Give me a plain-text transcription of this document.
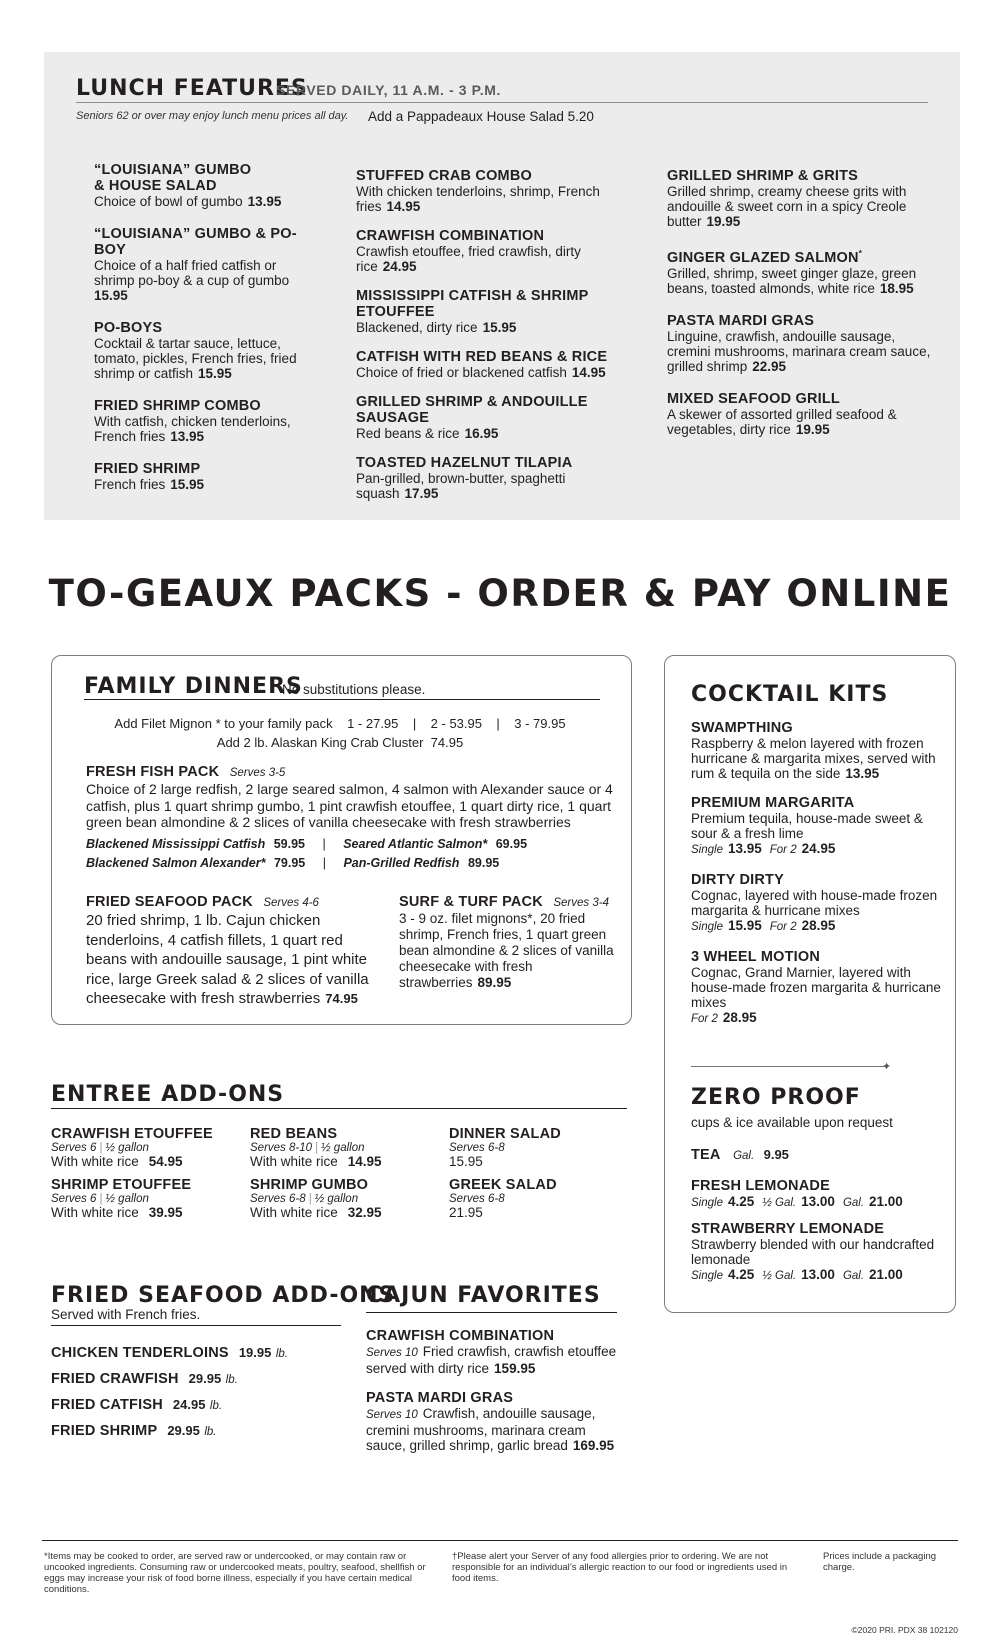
LUNCH FEATURES
SERVED DAILY, 11 A.M. - 3 P.M.
Seniors 62 or over may enjoy lunch menu prices all day. Add a Pappadeaux House Salad 5.20
“LOUISIANA” GUMBO
& HOUSE SALAD
Choice of bowl of gumbo 13.95
“LOUISIANA” GUMBO & PO-BOY
Choice of a half fried catfish or shrimp po-boy & a cup of gumbo
15.95
PO-BOYS
Cocktail & tartar sauce, lettuce, tomato, pickles, French fries, fried shrimp or catfish 15.95
FRIED SHRIMP COMBO
With catfish, chicken tenderloins, French fries 13.95
FRIED SHRIMP
French fries 15.95
STUFFED CRAB COMBO
With chicken tenderloins, shrimp, French fries 14.95
CRAWFISH COMBINATION
Crawfish etouffee, fried crawfish, dirty rice 24.95
MISSISSIPPI CATFISH & SHRIMP ETOUFFEE
Blackened, dirty rice 15.95
CATFISH WITH RED BEANS & RICE
Choice of fried or blackened catfish 14.95
GRILLED SHRIMP & ANDOUILLE SAUSAGE
Red beans & rice 16.95
TOASTED HAZELNUT TILAPIA
Pan-grilled, brown-butter, spaghetti squash 17.95
GRILLED SHRIMP & GRITS
Grilled shrimp, creamy cheese grits with andouille & sweet corn in a spicy Creole butter 19.95
GINGER GLAZED SALMON*
Grilled, shrimp, sweet ginger glaze, green beans, toasted almonds, white rice 18.95
PASTA MARDI GRAS
Linguine, crawfish, andouille sausage, cremini mushrooms, marinara cream sauce, grilled shrimp 22.95
MIXED SEAFOOD GRILL
A skewer of assorted grilled seafood & vegetables, dirty rice 19.95
TO-GEAUX PACKS - ORDER & PAY ONLINE
FAMILY DINNERS
No substitutions please.
Add Filet Mignon * to your family pack    1 - 27.95    |    2 - 53.95    |    3 - 79.95
Add 2 lb. Alaskan King Crab Cluster  74.95
FRESH FISH PACK Serves 3-5
Choice of 2 large redfish, 2 large seared salmon, 4 salmon with Alexander sauce or 4 catfish, plus 1 quart shrimp gumbo, 1 pint crawfish etouffee, 1 quart dirty rice, 1 quart green bean almondine & 2 slices of vanilla cheesecake with fresh strawberries
Blackened Mississippi Catfish 59.95 | Seared Atlantic Salmon* 69.95
Blackened Salmon Alexander* 79.95 | Pan-Grilled Redfish 89.95
FRIED SEAFOOD PACK Serves 4-6
20 fried shrimp, 1 lb. Cajun chicken tenderloins, 4 catfish fillets, 1 quart red beans with andouille sausage, 1 pint white rice, large Greek salad & 2 slices of vanilla cheesecake with fresh strawberries 74.95
SURF & TURF PACK Serves 3-4
3 - 9 oz. filet mignons*, 20 fried shrimp, French fries, 1 quart green bean almondine & 2 slices of vanilla cheesecake with fresh strawberries 89.95
COCKTAIL KITS
SWAMPTHING
Raspberry & melon layered with frozen hurricane & margarita mixes, served with rum & tequila on the side 13.95
PREMIUM MARGARITA
Premium tequila, house-made sweet & sour & a fresh lime
Single 13.95 For 2 24.95
DIRTY DIRTY
Cognac, layered with house-made frozen margarita & hurricane mixes
Single 15.95 For 2 28.95
3 WHEEL MOTION
Cognac, Grand Marnier, layered with house-made frozen margarita & hurricane mixes
For 2 28.95
✦
ZERO PROOF
cups & ice available upon request
TEA Gal. 9.95
FRESH LEMONADE
Single 4.25 ½ Gal. 13.00 Gal. 21.00
STRAWBERRY LEMONADE
Strawberry blended with our handcrafted lemonade
Single 4.25 ½ Gal. 13.00 Gal. 21.00
ENTREE ADD-ONS
CRAWFISH ETOUFFEE
Serves 6 | ½ gallon
With white rice 54.95
SHRIMP ETOUFFEE
Serves 6 | ½ gallon
With white rice 39.95
RED BEANS
Serves 8-10 | ½ gallon
With white rice 14.95
SHRIMP GUMBO
Serves 6-8 | ½ gallon
With white rice 32.95
DINNER SALAD
Serves 6-8
15.95
GREEK SALAD
Serves 6-8
21.95
FRIED SEAFOOD ADD-ONS
Served with French fries.
CHICKEN TENDERLOINS 19.95 lb.
FRIED CRAWFISH 29.95 lb.
FRIED CATFISH 24.95 lb.
FRIED SHRIMP 29.95 lb.
CAJUN FAVORITES
CRAWFISH COMBINATION
Serves 10 Fried crawfish, crawfish etouffee served with dirty rice 159.95
PASTA MARDI GRAS
Serves 10 Crawfish, andouille sausage, cremini mushrooms, marinara cream sauce, grilled shrimp, garlic bread 169.95
*Items may be cooked to order, are served raw or undercooked, or may contain raw or uncooked ingredients. Consuming raw or undercooked meats, poultry, seafood, shellfish or eggs may increase your risk of food borne illness, especially if you have certain medical conditions.
†Please alert your Server of any food allergies prior to ordering. We are not responsible for an individual’s allergic reaction to our food or ingredients used in food items.
Prices include a packaging charge.
©2020 PRI. PDX 38 102120
